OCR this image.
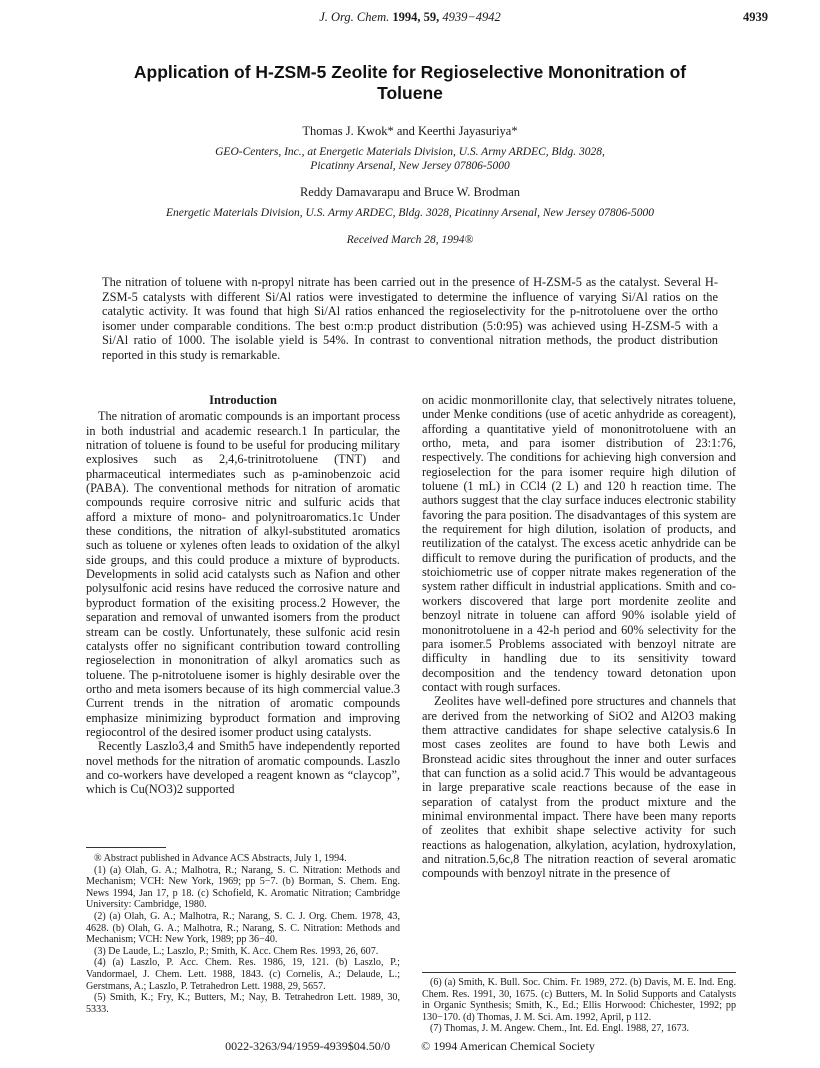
J. Org. Chem. 1994, 59, 4939−4942	4939
Application of H-ZSM-5 Zeolite for Regioselective Mononitration of Toluene
Thomas J. Kwok* and Keerthi Jayasuriya*
GEO-Centers, Inc., at Energetic Materials Division, U.S. Army ARDEC, Bldg. 3028,
Picatinny Arsenal, New Jersey 07806-5000
Reddy Damavarapu and Bruce W. Brodman
Energetic Materials Division, U.S. Army ARDEC, Bldg. 3028, Picatinny Arsenal, New Jersey 07806-5000
Received March 28, 1994®
The nitration of toluene with n-propyl nitrate has been carried out in the presence of H-ZSM-5 as the catalyst. Several H-ZSM-5 catalysts with different Si/Al ratios were investigated to determine the influence of varying Si/Al ratios on the catalytic activity. It was found that high Si/Al ratios enhanced the regioselectivity for the p-nitrotoluene over the ortho isomer under comparable conditions. The best o:m:p product distribution (5:0:95) was achieved using H-ZSM-5 with a Si/Al ratio of 1000. The isolable yield is 54%. In contrast to conventional nitration methods, the product distribution reported in this study is remarkable.

Introduction

The nitration of aromatic compounds is an important process in both industrial and academic research.1 In particular, the nitration of toluene is found to be useful for producing military explosives such as 2,4,6-trinitrotoluene (TNT) and pharmaceutical intermediates such as p-aminobenzoic acid (PABA). The conventional methods for nitration of aromatic compounds require corrosive nitric and sulfuric acids that afford a mixture of mono- and polynitroaromatics.1c Under these conditions, the nitration of alkyl-substituted aromatics such as toluene or xylenes often leads to oxidation of the alkyl side groups, and this could produce a mixture of byproducts. Developments in solid acid catalysts such as Nafion and other polysulfonic acid resins have reduced the corrosive nature and byproduct formation of the exisiting process.2 However, the separation and removal of unwanted isomers from the product stream can be costly. Unfortunately, these sulfonic acid resin catalysts offer no significant contribution toward controlling regioselection in mononitration of alkyl aromatics such as toluene. The p-nitrotoluene isomer is highly desirable over the ortho and meta isomers because of its high commercial value.3 Current trends in the nitration of aromatic compounds emphasize minimizing byproduct formation and improving regiocontrol of the desired isomer product using catalysts.

Recently Laszlo3,4 and Smith5 have independently reported novel methods for the nitration of aromatic compounds. Laszlo and co-workers have developed a reagent known as “claycop”, which is Cu(NO3)2 supported

on acidic monmorillonite clay, that selectively nitrates toluene, under Menke conditions (use of acetic anhydride as coreagent), affording a quantitative yield of mononitrotoluene with an ortho, meta, and para isomer distribution of 23:1:76, respectively. The conditions for achieving high conversion and regioselection for the para isomer require high dilution of toluene (1 mL) in CCl4 (2 L) and 120 h reaction time. The authors suggest that the clay surface induces electronic stability favoring the para position. The disadvantages of this system are the requirement for high dilution, isolation of products, and reutilization of the catalyst. The excess acetic anhydride can be difficult to remove during the purification of products, and the stoichiometric use of copper nitrate makes regeneration of the system rather difficult in industrial applications. Smith and co-workers discovered that large port mordenite zeolite and benzoyl nitrate in toluene can afford 90% isolable yield of mononitrotoluene in a 42-h period and 60% selectivity for the para isomer.5 Problems associated with benzoyl nitrate are difficulty in handling due to its sensitivity toward decomposition and the tendency toward detonation upon contact with rough surfaces.

Zeolites have well-defined pore structures and channels that are derived from the networking of SiO2 and Al2O3 making them attractive candidates for shape selective catalysis.6 In most cases zeolites are found to have both Lewis and Bronstead acidic sites throughout the inner and outer surfaces that can function as a solid acid.7 This would be advantageous in large preparative scale reactions because of the ease in separation of catalyst from the product mixture and the minimal environmental impact. There have been many reports of zeolites that exhibit shape selective activity for such reactions as halogenation, alkylation, acylation, hydroxylation, and nitration.5,6c,8 The nitration reaction of several aromatic compounds with benzoyl nitrate in the presence of

® Abstract published in Advance ACS Abstracts, July 1, 1994.

(1) (a) Olah, G. A.; Malhotra, R.; Narang, S. C. Nitration: Methods and Mechanism; VCH: New York, 1969; pp 5−7. (b) Borman, S. Chem. Eng. News 1994, Jan 17, p 18. (c) Schofield, K. Aromatic Nitration; Cambridge University: Cambridge, 1980.

(2) (a) Olah, G. A.; Malhotra, R.; Narang, S. C. J. Org. Chem. 1978, 43, 4628. (b) Olah, G. A.; Malhotra, R.; Narang, S. C. Nitration: Methods and Mechanism; VCH: New York, 1989; pp 36−40.

(3) De Laude, L.; Laszlo, P.; Smith, K. Acc. Chem Res. 1993, 26, 607.

(4) (a) Laszlo, P. Acc. Chem. Res. 1986, 19, 121. (b) Laszlo, P.; Vandormael, J. Chem. Lett. 1988, 1843. (c) Cornelis, A.; Delaude, L.; Gerstmans, A.; Laszlo, P. Tetrahedron Lett. 1988, 29, 5657.

(5) Smith, K.; Fry, K.; Butters, M.; Nay, B. Tetrahedron Lett. 1989, 30, 5333.

(6) (a) Smith, K. Bull. Soc. Chim. Fr. 1989, 272. (b) Davis, M. E. Ind. Eng. Chem. Res. 1991, 30, 1675. (c) Butters, M. In Solid Supports and Catalysts in Organic Synthesis; Smith, K., Ed.; Ellis Horwood: Chichester, 1992; pp 130−170. (d) Thomas, J. M. Sci. Am. 1992, April, p 112.

(7) Thomas, J. M. Angew. Chem., Int. Ed. Engl. 1988, 27, 1673.

0022-3263/94/1959-4939$04.50/0	© 1994 American Chemical Society
